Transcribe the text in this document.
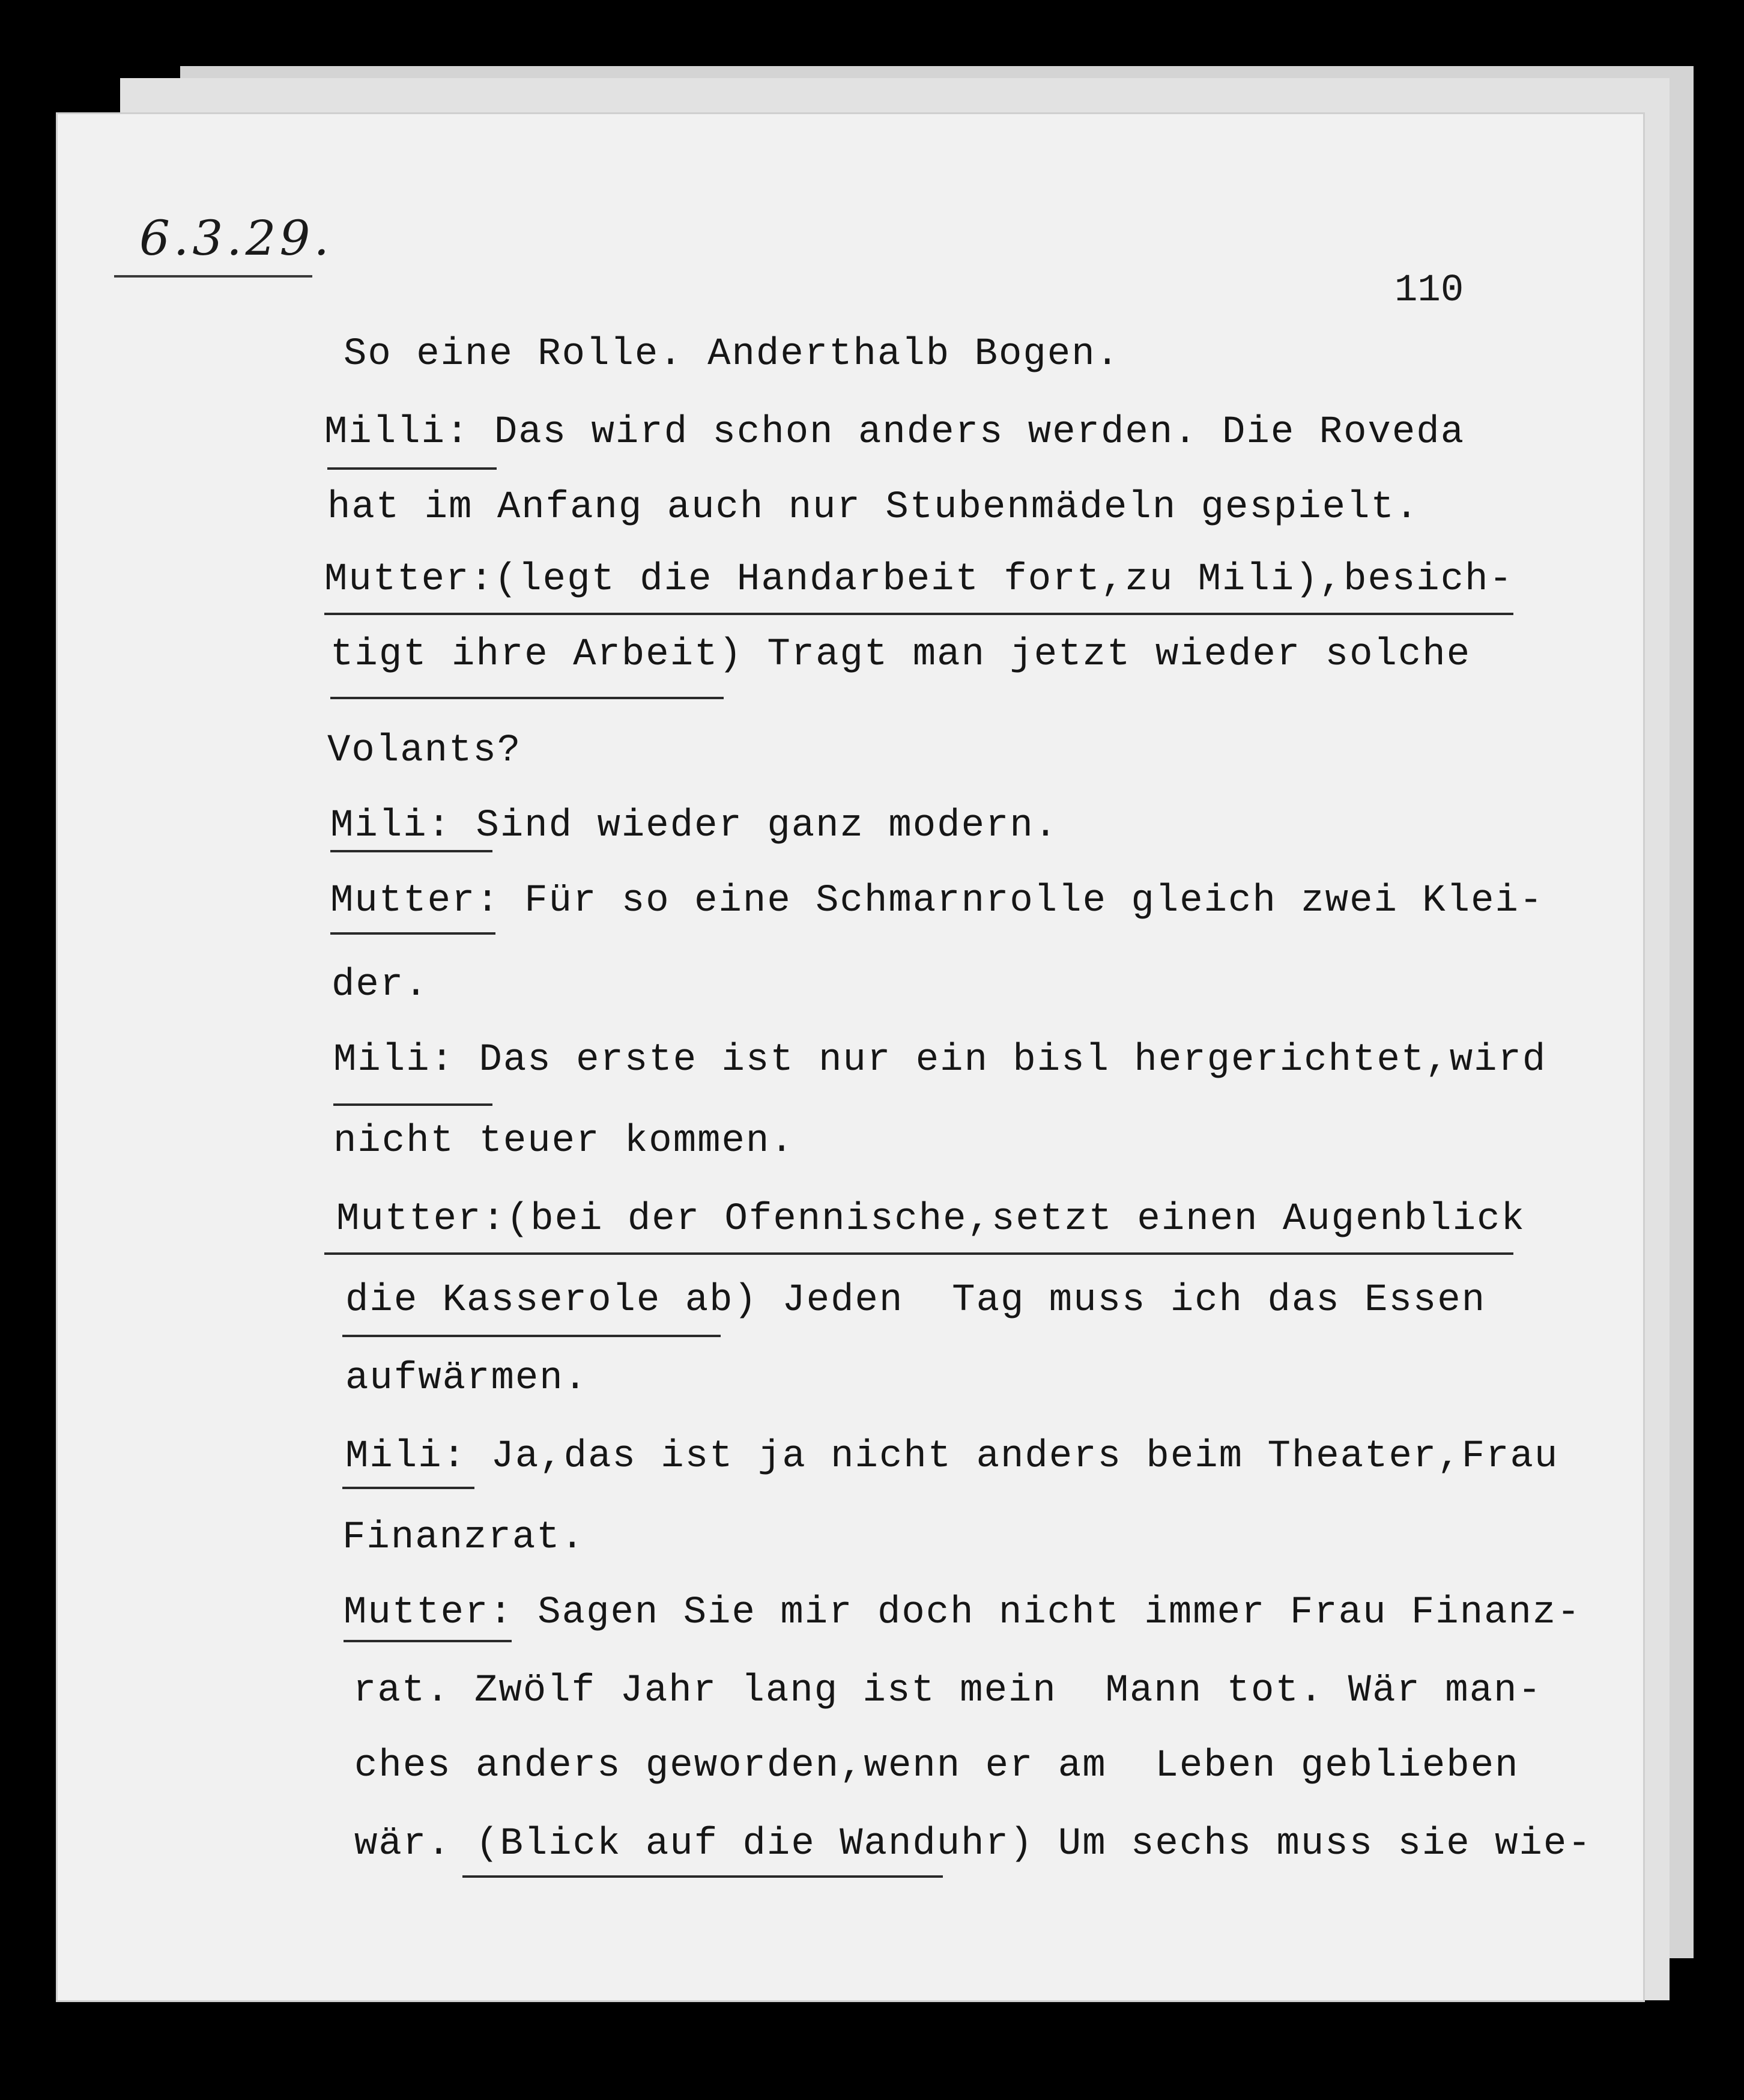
6.3.29.
110
So eine Rolle. Anderthalb Bogen.
Milli: Das wird schon anders werden. Die Roveda
hat im Anfang auch nur Stubenmädeln gespielt.
Mutter:(legt die Handarbeit fort,zu Mili),besich-
tigt ihre Arbeit) Tragt man jetzt wieder solche
Volants?
Mili: Sind wieder ganz modern.
Mutter: Für so eine Schmarnrolle gleich zwei Klei-
der.
Mili: Das erste ist nur ein bisl hergerichtet,wird
nicht teuer kommen.
Mutter:(bei der Ofennische,setzt einen Augenblick
die Kasserole ab) Jeden  Tag muss ich das Essen
aufwärmen.
Mili: Ja,das ist ja nicht anders beim Theater,Frau
Finanzrat.
Mutter: Sagen Sie mir doch nicht immer Frau Finanz-
rat. Zwölf Jahr lang ist mein  Mann tot. Wär man-
ches anders geworden,wenn er am  Leben geblieben
wär. (Blick auf die Wanduhr) Um sechs muss sie wie-
